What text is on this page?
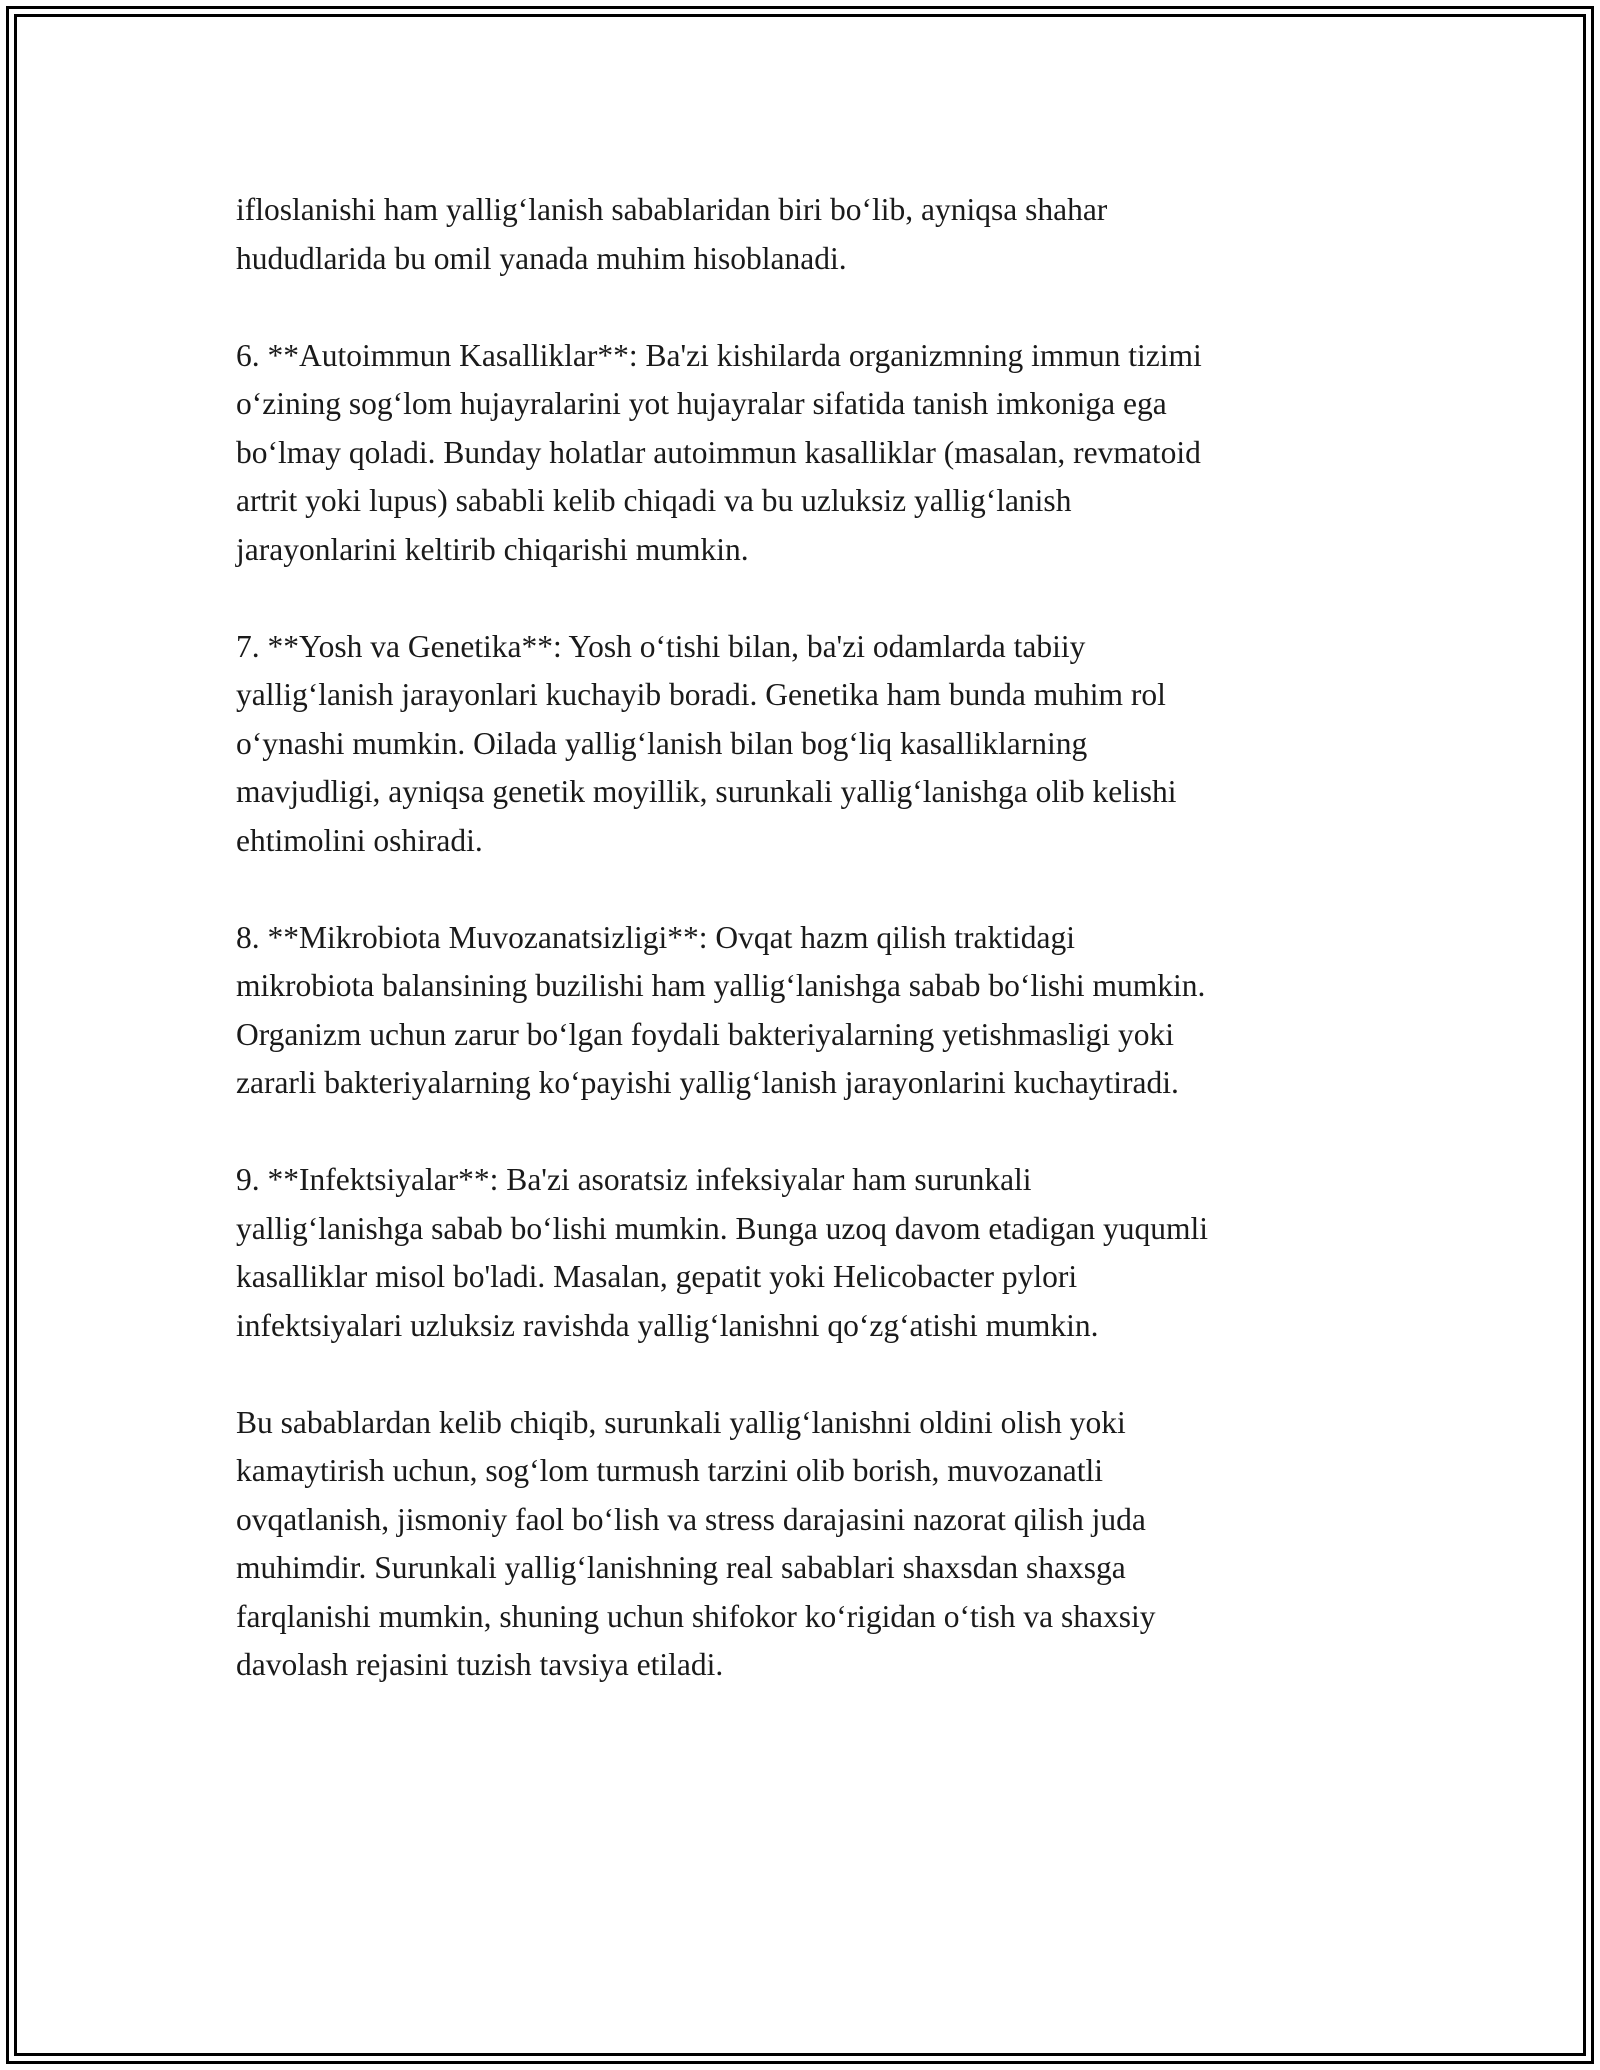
ifloslanishi ham yallig‘lanish sabablaridan biri bo‘lib, ayniqsa shahar
hududlarida bu omil yanada muhim hisoblanadi.

6. **Autoimmun Kasalliklar**: Ba'zi kishilarda organizmning immun tizimi
o‘zining sog‘lom hujayralarini yot hujayralar sifatida tanish imkoniga ega
bo‘lmay qoladi. Bunday holatlar autoimmun kasalliklar (masalan, revmatoid
artrit yoki lupus) sababli kelib chiqadi va bu uzluksiz yallig‘lanish
jarayonlarini keltirib chiqarishi mumkin.

7. **Yosh va Genetika**: Yosh o‘tishi bilan, ba'zi odamlarda tabiiy
yallig‘lanish jarayonlari kuchayib boradi. Genetika ham bunda muhim rol
o‘ynashi mumkin. Oilada yallig‘lanish bilan bog‘liq kasalliklarning
mavjudligi, ayniqsa genetik moyillik, surunkali yallig‘lanishga olib kelishi
ehtimolini oshiradi.

8. **Mikrobiota Muvozanatsizligi**: Ovqat hazm qilish traktidagi
mikrobiota balansining buzilishi ham yallig‘lanishga sabab bo‘lishi mumkin.
Organizm uchun zarur bo‘lgan foydali bakteriyalarning yetishmasligi yoki
zararli bakteriyalarning ko‘payishi yallig‘lanish jarayonlarini kuchaytiradi.

9. **Infektsiyalar**: Ba'zi asoratsiz infeksiyalar ham surunkali
yallig‘lanishga sabab bo‘lishi mumkin. Bunga uzoq davom etadigan yuqumli
kasalliklar misol bo'ladi. Masalan, gepatit yoki Helicobacter pylori
infektsiyalari uzluksiz ravishda yallig‘lanishni qo‘zg‘atishi mumkin.

Bu sabablardan kelib chiqib, surunkali yallig‘lanishni oldini olish yoki
kamaytirish uchun, sog‘lom turmush tarzini olib borish, muvozanatli
ovqatlanish, jismoniy faol bo‘lish va stress darajasini nazorat qilish juda
muhimdir. Surunkali yallig‘lanishning real sabablari shaxsdan shaxsga
farqlanishi mumkin, shuning uchun shifokor ko‘rigidan o‘tish va shaxsiy
davolash rejasini tuzish tavsiya etiladi.
